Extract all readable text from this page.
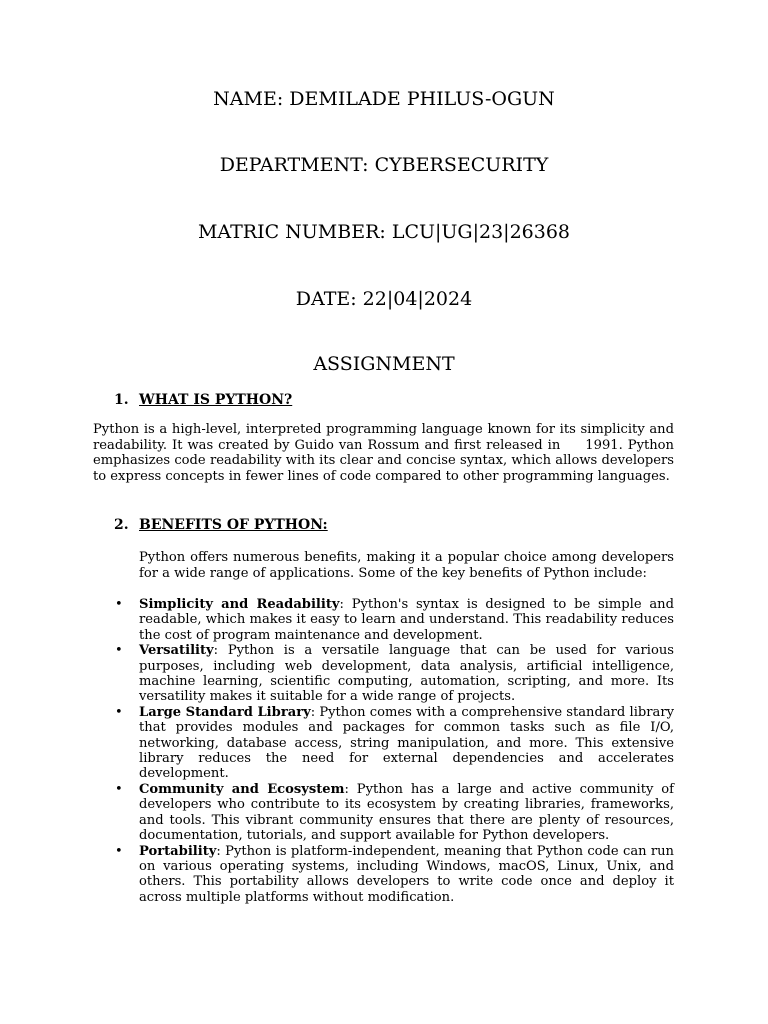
NAME: DEMILADE PHILUS-OGUN
DEPARTMENT: CYBERSECURITY
MATRIC NUMBER: LCU|UG|23|26368
DATE: 22|04|2024
ASSIGNMENT
1. WHAT IS PYTHON?

Python is a high-level, interpreted programming language known for its simplicity and readability. It was created by Guido van Rossum and first released in     1991. Python emphasizes code readability with its clear and concise syntax, which allows developers to express concepts in fewer lines of code compared to other programming languages.

2. BENEFITS OF PYTHON:

Python offers numerous benefits, making it a popular choice among developers for a wide range of applications. Some of the key benefits of Python include:

• Simplicity and Readability: Python's syntax is designed to be simple and readable, which makes it easy to learn and understand. This readability reduces the cost of program maintenance and development.
• Versatility: Python is a versatile language that can be used for various purposes, including web development, data analysis, artificial intelligence, machine learning, scientific computing, automation, scripting, and more. Its versatility makes it suitable for a wide range of projects.
• Large Standard Library: Python comes with a comprehensive standard library that provides modules and packages for common tasks such as file I/O, networking, database access, string manipulation, and more. This extensive library reduces the need for external dependencies and accelerates development.
• Community and Ecosystem: Python has a large and active community of developers who contribute to its ecosystem by creating libraries, frameworks, and tools. This vibrant community ensures that there are plenty of resources, documentation, tutorials, and support available for Python developers.
• Portability: Python is platform-independent, meaning that Python code can run on various operating systems, including Windows, macOS, Linux, Unix, and others. This portability allows developers to write code once and deploy it across multiple platforms without modification.
